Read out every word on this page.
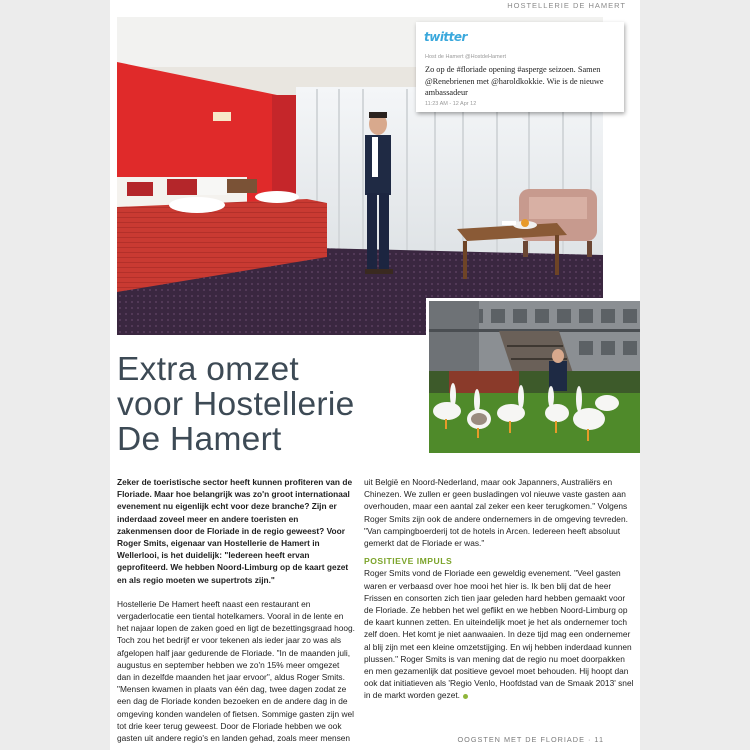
HOSTELLERIE DE HAMERT
twitter
Host de Hamert @HostdeHamert
Zo op de #floriade opening #asperge seizoen. Samen @Renebrienen met @haroldkokkie. Wie is de nieuwe ambassadeur
11:23 AM - 12 Apr 12
Extra omzet
voor Hostellerie
De Hamert

Zeker de toeristische sector heeft kunnen profiteren van de Floriade. Maar hoe belangrijk was zo'n groot internationaal evenement nu eigenlijk echt voor deze branche? Zijn er inderdaad zoveel meer en andere toeristen en zakenmensen door de Floriade in de regio geweest? Voor Roger Smits, eigenaar van Hostellerie de Hamert in Wellerlooi, is het duidelijk: "Iedereen heeft ervan geprofiteerd. We hebben Noord-Limburg op de kaart gezet en als regio moeten we supertrots zijn."

Hostellerie De Hamert heeft naast een restaurant en vergaderlocatie een tiental hotelkamers. Vooral in de lente en het najaar lopen de zaken goed en ligt de bezettingsgraad hoog. Toch zou het bedrijf er voor tekenen als ieder jaar zo was als afgelopen half jaar gedurende de Floriade. "In de maanden juli, augustus en september hebben we zo'n 15% meer omgezet dan in dezelfde maanden het jaar ervoor", aldus Roger Smits. "Mensen kwamen in plaats van één dag, twee dagen zodat ze een dag de Floriade konden bezoeken en de andere dag in de omgeving konden wandelen of fietsen. Sommige gasten zijn wel tot drie keer terug geweest. Door de Floriade hebben we ook gasten uit andere regio's en landen gehad, zoals meer mensen

uit België en Noord-Nederland, maar ook Japanners, Australiërs en Chinezen. We zullen er geen busladingen vol nieuwe vaste gasten aan overhouden, maar een aantal zal zeker een keer terugkomen." Volgens Roger Smits zijn ook de andere ondernemers in de omgeving tevreden. "Van campingboerderij tot de hotels in Arcen. Iedereen heeft absoluut gemerkt dat de Floriade er was."

POSITIEVE IMPULS

Roger Smits vond de Floriade een geweldig evenement. "Veel gasten waren er verbaasd over hoe mooi het hier is. Ik ben blij dat de heer Frissen en consorten zich tien jaar geleden hard hebben gemaakt voor de Floriade. Ze hebben het wel geflikt en we hebben Noord-Limburg op de kaart kunnen zetten. En uiteindelijk moet je het als ondernemer toch zelf doen. Het komt je niet aanwaaien. In deze tijd mag een ondernemer al blij zijn met een kleine omzetstijging. En wij hebben inderdaad kunnen plussen." Roger Smits is van mening dat de regio nu moet doorpakken en men gezamenlijk dat positieve gevoel moet behouden. Hij hoopt dan ook dat initiatieven als 'Regio Venlo, Hoofdstad van de Smaak 2013' snel in de markt worden gezet.

OOGSTEN MET DE FLORIADE · 11
